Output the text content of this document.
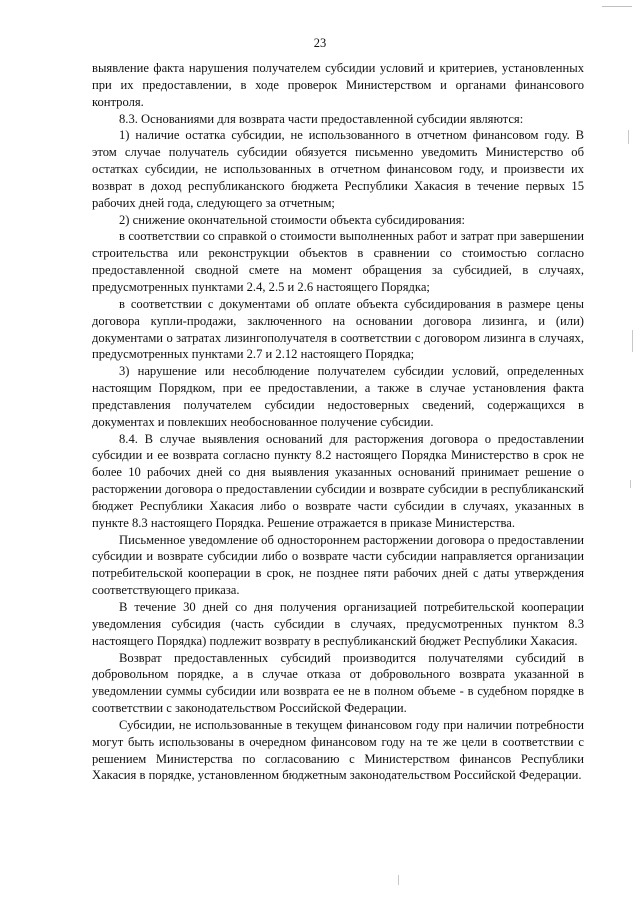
23

выявление факта нарушения получателем субсидии условий и критериев, установленных при их предоставлении, в ходе проверок Министерством и органами финансового контроля.

8.3. Основаниями для возврата части предоставленной субсидии являются:

1) наличие остатка субсидии, не использованного в отчетном финансовом году. В этом случае получатель субсидии обязуется письменно уведомить Министерство об остатках субсидии, не использованных в отчетном финансовом году, и произвести их возврат в доход республиканского бюджета Республики Хакасия в течение первых 15 рабочих дней года, следующего за отчетным;

2) снижение окончательной стоимости объекта субсидирования:

в соответствии со справкой о стоимости выполненных работ и затрат при завершении строительства или реконструкции объектов в сравнении со стоимостью согласно предоставленной сводной смете на момент обращения за субсидией, в случаях, предусмотренных пунктами 2.4, 2.5 и 2.6 настоящего Порядка;

в соответствии с документами об оплате объекта субсидирования в размере цены договора купли-продажи, заключенного на основании договора лизинга, и (или) документами о затратах лизингополучателя в соответствии с договором лизинга в случаях, предусмотренных пунктами 2.7 и 2.12 настоящего Порядка;

3) нарушение или несоблюдение получателем субсидии условий, определенных настоящим Порядком, при ее предоставлении, а также в случае установления факта представления получателем субсидии недостоверных сведений, содержащихся в документах и повлекших необоснованное получение субсидии.

8.4. В случае выявления оснований для расторжения договора о предоставлении субсидии и ее возврата согласно пункту 8.2 настоящего Порядка Министерство в срок не более 10 рабочих дней со дня выявления указанных оснований принимает решение о расторжении договора о предоставлении субсидии и возврате субсидии в республиканский бюджет Республики Хакасия либо о возврате части субсидии в случаях, указанных в пункте 8.3 настоящего Порядка. Решение отражается в приказе Министерства.

Письменное уведомление об одностороннем расторжении договора о предоставлении субсидии и возврате субсидии либо о возврате части субсидии направляется организации потребительской кооперации в срок, не позднее пяти рабочих дней с даты утверждения соответствующего приказа.

В течение 30 дней со дня получения организацией потребительской кооперации уведомления субсидия (часть субсидии в случаях, предусмотренных пунктом 8.3 настоящего Порядка) подлежит возврату в республиканский бюджет Республики Хакасия.

Возврат предоставленных субсидий производится получателями субсидий в добровольном порядке, а в случае отказа от добровольного возврата указанной в уведомлении суммы субсидии или возврата ее не в полном объеме - в судебном порядке в соответствии с законодательством Российской Федерации.

Субсидии, не использованные в текущем финансовом году при наличии потребности могут быть использованы в очередном финансовом году на те же цели в соответствии с решением Министерства по согласованию с Министерством финансов Республики Хакасия в порядке, установленном бюджетным законодательством Российской Федерации.
